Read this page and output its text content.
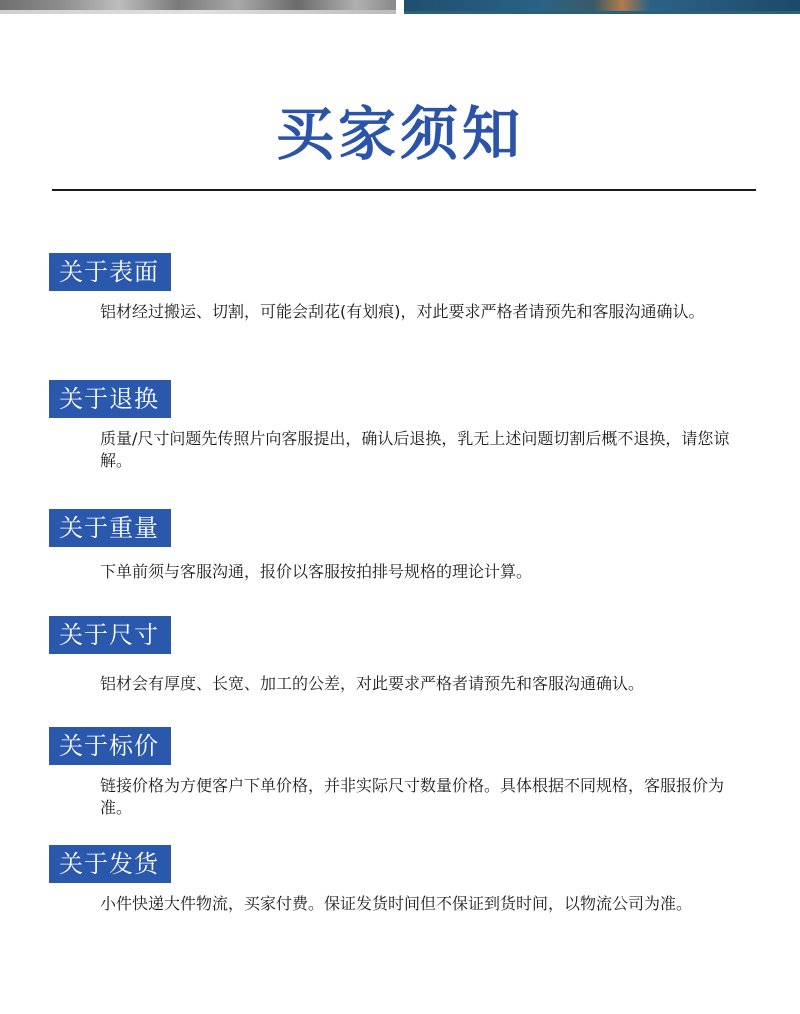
买家须知
关于表面
铝材经过搬运、切割，可能会刮花(有划痕)，对此要求严格者请预先和客服沟通确认。
关于退换
质量/尺寸问题先传照片向客服提出，确认后退换，乳无上述问题切割后概不退换，请您谅解。
关于重量
下单前须与客服沟通，报价以客服按拍排号规格的理论计算。
关于尺寸
铝材会有厚度、长宽、加工的公差，对此要求严格者请预先和客服沟通确认。
关于标价
链接价格为方便客户下单价格，并非实际尺寸数量价格。具体根据不同规格，客服报价为准。
关于发货
小件快递大件物流，买家付费。保证发货时间但不保证到货时间，以物流公司为准。
